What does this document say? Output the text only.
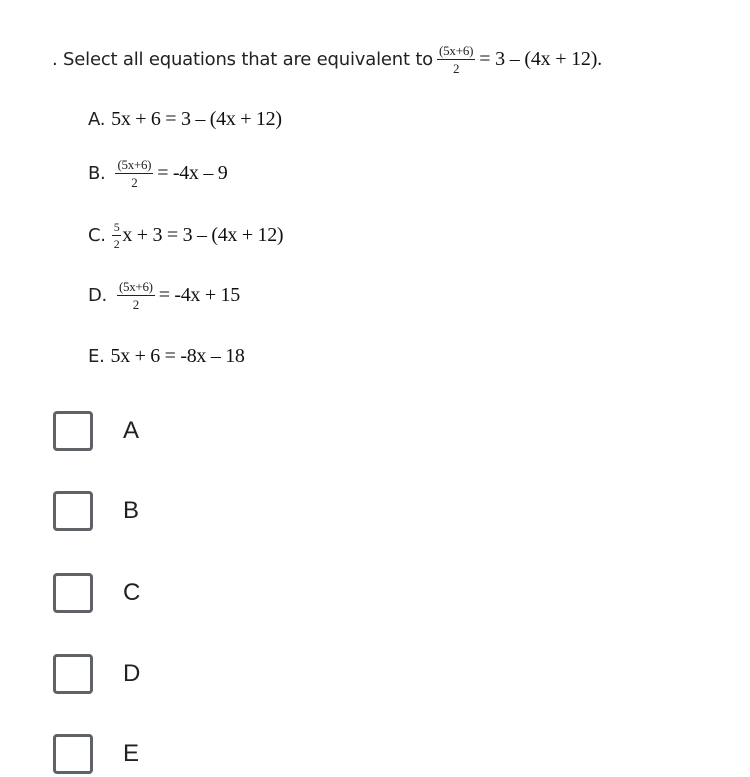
. Select all equations that are equivalent to $\frac{(5x+6)}{2} = 3 - (4x + 12)$.
A. 5x + 6 = 3 – (4x + 12)
B. $\frac{(5x+6)}{2} = -4x - 9$
C. $\frac{5}{2}$ x + 3 = 3 – (4x + 12)
D. $\frac{(5x+6)}{2} = -4x + 15$
E. 5x + 6 = -8x – 18
A
B
C
D
E
